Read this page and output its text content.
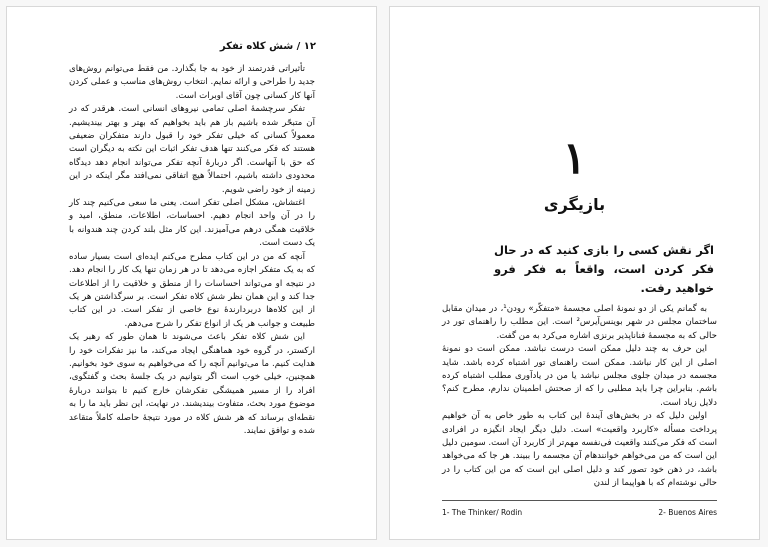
۱۲ / شش کلاه تفکر

تأثیراتی قدرتمند از خود به جا بگذارد. من فقط می‌توانم روش‌های جدید را طراحی و ارائه نمایم. انتخاب روش‌های مناسب و عملی کردن آنها کار کسانی چون آقای اوبرات است.

تفکر سرچشمهٔ اصلی تمامی نیروهای انسانی است. هرقدر که در آن متبحّر شده باشیم باز هم باید بخواهیم که بهتر و بهتر بیندیشیم. معمولاً کسانی که خیلی تفکر خود را قبول دارند متفکران ضعیفی هستند که فکر می‌کنند تنها هدف تفکر اثبات این نکته به دیگران است که حق با آنهاست. اگر دربارهٔ آنچه تفکر می‌تواند انجام دهد دیدگاه محدودی داشته باشیم، احتمالاً هیچ اتفاقی نمی‌افتد مگر اینکه در این زمینه از خود راضی شویم.

اغتشاش، مشکل اصلی تفکر است. یعنی ما سعی می‌کنیم چند کار را در آن واحد انجام دهیم. احساسات، اطلاعات، منطق، امید و خلاقیت همگی درهم می‌آمیزند. این کار مثل بلند کردن چند هندوانه با یک دست است.

آنچه که من در این کتاب مطرح می‌کنم ایده‌ای است بسیار ساده که به یک متفکر اجازه می‌دهد تا در هر زمان تنها یک کار را انجام دهد. در نتیجه او می‌تواند احساسات را از منطق و خلاقیت را از اطلاعات جدا کند و این همان نظر شش کلاه تفکر است. بر سرگذاشتن هر یک از این کلاه‌ها دربردارندهٔ نوع خاصی از تفکر است. در این کتاب طبیعت و جوانب هر یک از انواع تفکر را شرح می‌دهم.

این شش کلاه تفکر باعث می‌شوند تا همان طور که رهبر یک ارکستر، در گروه خود هماهنگی ایجاد می‌کند، ما نیز تفکرات خود را هدایت کنیم. ما می‌توانیم آنچه را که می‌خواهیم به سوی خود بخوانیم. همچنین، خیلی خوب است اگر بتوانیم در یک جلسهٔ بحث و گفتگوی، افراد را از مسیر همیشگی تفکرشان خارج کنیم تا بتوانند دربارهٔ موضوع مورد بحث، متفاوت بیندیشند. در نهایت، این نظر باید ما را به نقطه‌ای برساند که هر شش کلاه در مورد نتیجهٔ حاصله کاملاً متقاعد شده و توافق نمایند.

۱
بازیگری
اگر نقش کسی را بازی کنید که در حال فکر کردن است، واقعاً به فکر فرو خواهید رفت.

به گمانم یکی از دو نمونهٔ اصلی مجسمهٔ «متفکّر» رودن¹، در میدان مقابل ساختمان مجلس در شهر بوینس‌آیرس² است. این مطلب را راهنمای تور در حالی که به مجسمهٔ فنانا‌پذیر برنزی اشاره می‌کرد به من گفت.

این حرف به چند دلیل ممکن است درست نباشد. ممکن است دو نمونهٔ اصلی از این کار نباشد. ممکن است راهنمای تور اشتباه کرده باشد. شاید مجسمه در میدان جلوی مجلس نباشد یا من در یادآوری مطلب اشتباه کرده باشم. بنابراین چرا باید مطلبی را که از صحتش اطمینان ندارم، مطرح کنم؟ دلایل زیاد است.

اولین دلیل که در بخش‌های آیندهٔ این کتاب به طور خاص به آن خواهیم پرداخت مسأله «کاربرد واقعیت» است. دلیل دیگر ایجاد انگیزه در افرادی است که فکر می‌کنند واقعیت فی‌نفسه مهم‌تر از کاربرد آن است. سومین دلیل این است که من می‌خواهم خوانندهام آن مجسمه را ببیند. هر جا که می‌خواهد باشد، در ذهن خود تصور کند و دلیل اصلی این است که من این کتاب را در حالی نوشته‌ام که با هواپیما از لندن

1- The Thinker/ Rodin	2- Buenos Aires
